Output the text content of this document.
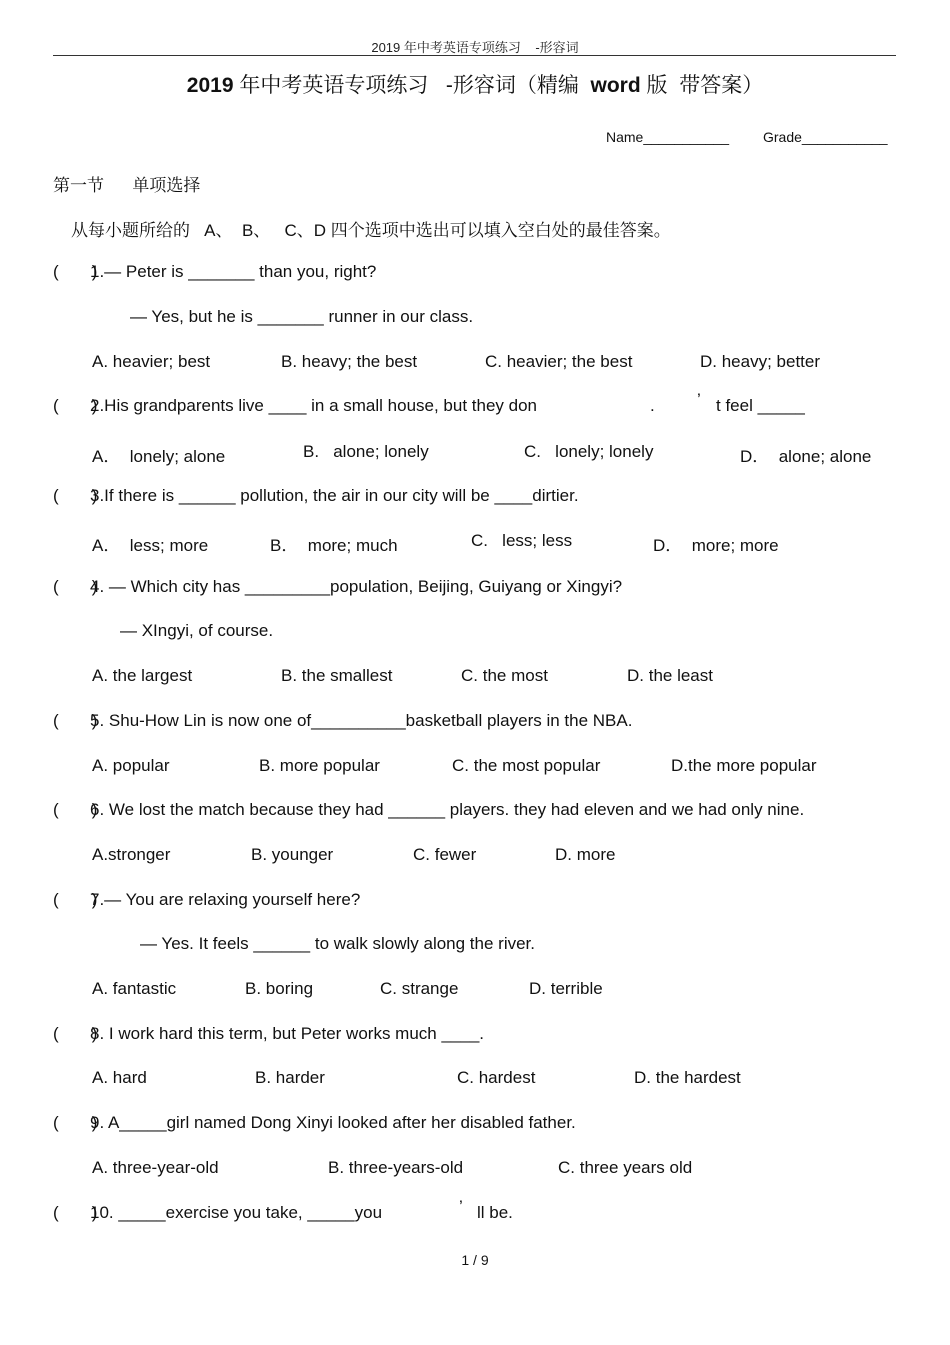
2019 年中考英语专项练习    -形容词
2019 年中考英语专项练习   -形容词（精编  word 版  带答案）
Name___________ Grade___________
第一节      单项选择
从每小题所给的   A、  B、   C、D 四个选项中选出可以填入空白处的最佳答案。
(       )
1.— Peter is _______ than you, right?
— Yes, but he is _______ runner in our class.
A. heavier; best	B. heavy; the best	C. heavier; the best	D. heavy; better
(       )
2.His grandparents live ____ in a small house, but they don	. ’ t feel _____
A．  lonely; alone	B.   alone; lonely	C.   lonely; lonely	D．  alone; alone
(       )
3.If there is ______ pollution, the air in our city will be ____dirtier.
A．  less; more	B．  more; much	C.   less; less	D．  more; more
(       )
4. — Which city has _________population, Beijing, Guiyang or Xingyi?
— XIngyi, of course.
A. the largest	B. the smallest	C. the most	D. the least
(       )
5. Shu-How Lin is now one of__________basketball players in the NBA.
A. popular	B. more popular	C. the most popular	D.the more popular
(       )
6. We lost the match because they had ______ players. they had eleven and we had only nine.
A.stronger	B. younger	C. fewer	D. more
(       )
7.— You are relaxing yourself here?
— Yes. It feels ______ to walk slowly along the river.
A. fantastic	B. boring	C. strange	D. terrible
(       )
8. I work hard this term, but Peter works much ____.
A. hard	B. harder	C. hardest	D. the hardest
(       )
9. A_____girl named Dong Xinyi looked after her disabled father.
A. three-year-old	B. three-years-old	C. three years old
(       )
10. _____exercise you take, _____you	’ ll be.
1 / 9
